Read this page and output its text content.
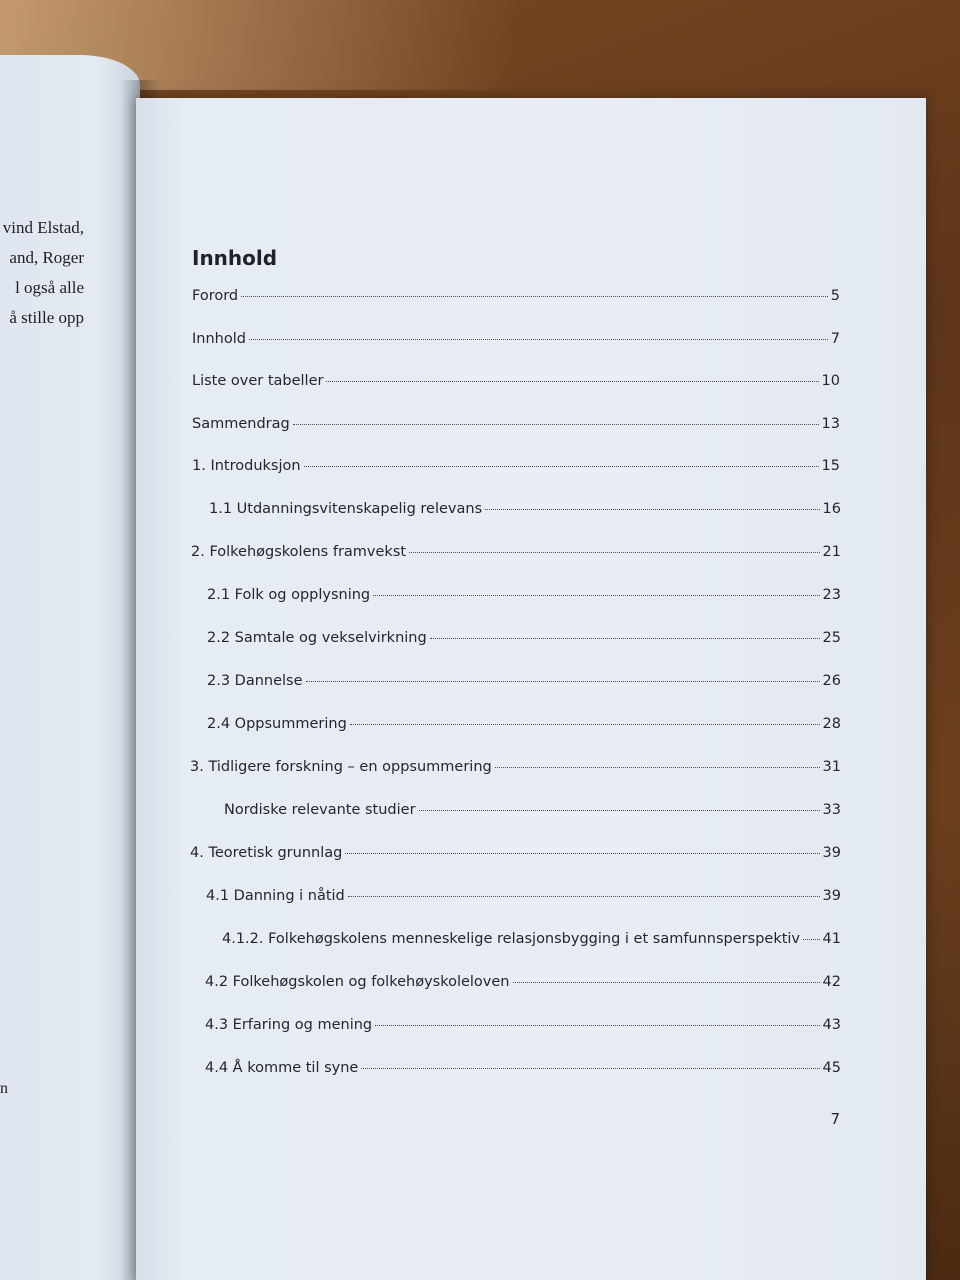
vind Elstad,
and, Roger
l også alle
å stille opp
n
Innhold
Forord	5
Innhold	7
Liste over tabeller	10
Sammendrag	13
1. Introduksjon	15
1.1 Utdanningsvitenskapelig relevans	16
2. Folkehøgskolens framvekst	21
2.1 Folk og opplysning	23
2.2 Samtale og vekselvirkning	25
2.3 Dannelse	26
2.4 Oppsummering	28
3. Tidligere forskning – en oppsummering	31
Nordiske relevante studier	33
4. Teoretisk grunnlag	39
4.1 Danning i nåtid	39
4.1.2. Folkehøgskolens menneskelige relasjonsbygging i et samfunnsperspektiv 41
4.2 Folkehøgskolen og folkehøyskoleloven	42
4.3 Erfaring og mening	43
4.4 Å komme til syne	45
7
